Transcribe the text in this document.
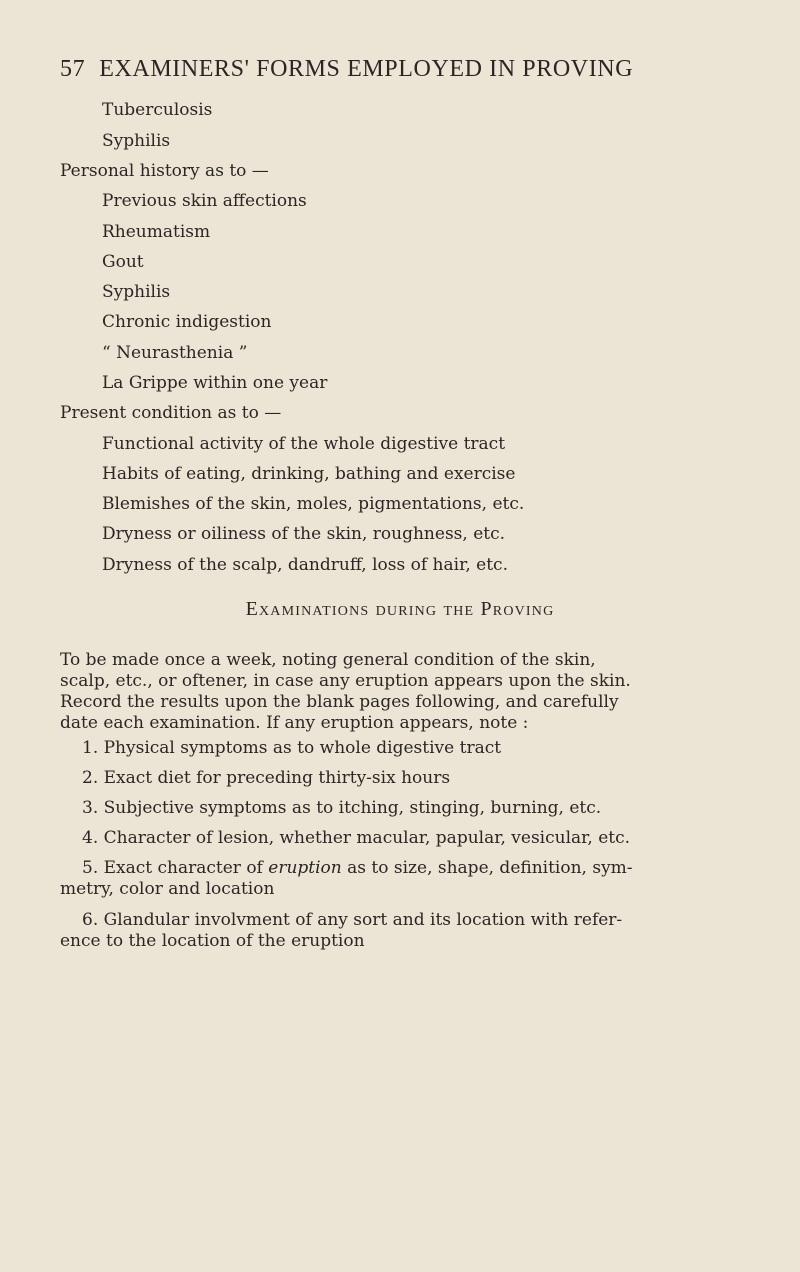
57 EXAMINERS' FORMS EMPLOYED IN PROVING
Tuberculosis
Syphilis
Personal history as to —
Previous skin affections
Rheumatism
Gout
Syphilis
Chronic indigestion
“ Neurasthenia ”
La Grippe within one year
Present condition as to —
Functional activity of the whole digestive tract
Habits of eating, drinking, bathing and exercise
Blemishes of the skin, moles, pigmentations, etc.
Dryness or oiliness of the skin, roughness, etc.
Dryness of the scalp, dandruff, loss of hair, etc.
Examinations during the Proving
To be made once a week, noting general condition of the skin,
scalp, etc., or oftener, in case any eruption appears upon the skin.
Record the results upon the blank pages following, and carefully
date each examination. If any eruption appears, note :
1. Physical symptoms as to whole digestive tract
2. Exact diet for preceding thirty-six hours
3. Subjective symptoms as to itching, stinging, burning, etc.
4. Character of lesion, whether macular, papular, vesicular, etc.
5. Exact character of eruption as to size, shape, definition, sym-
metry, color and location
6. Glandular involvment of any sort and its location with refer-
ence to the location of the eruption
